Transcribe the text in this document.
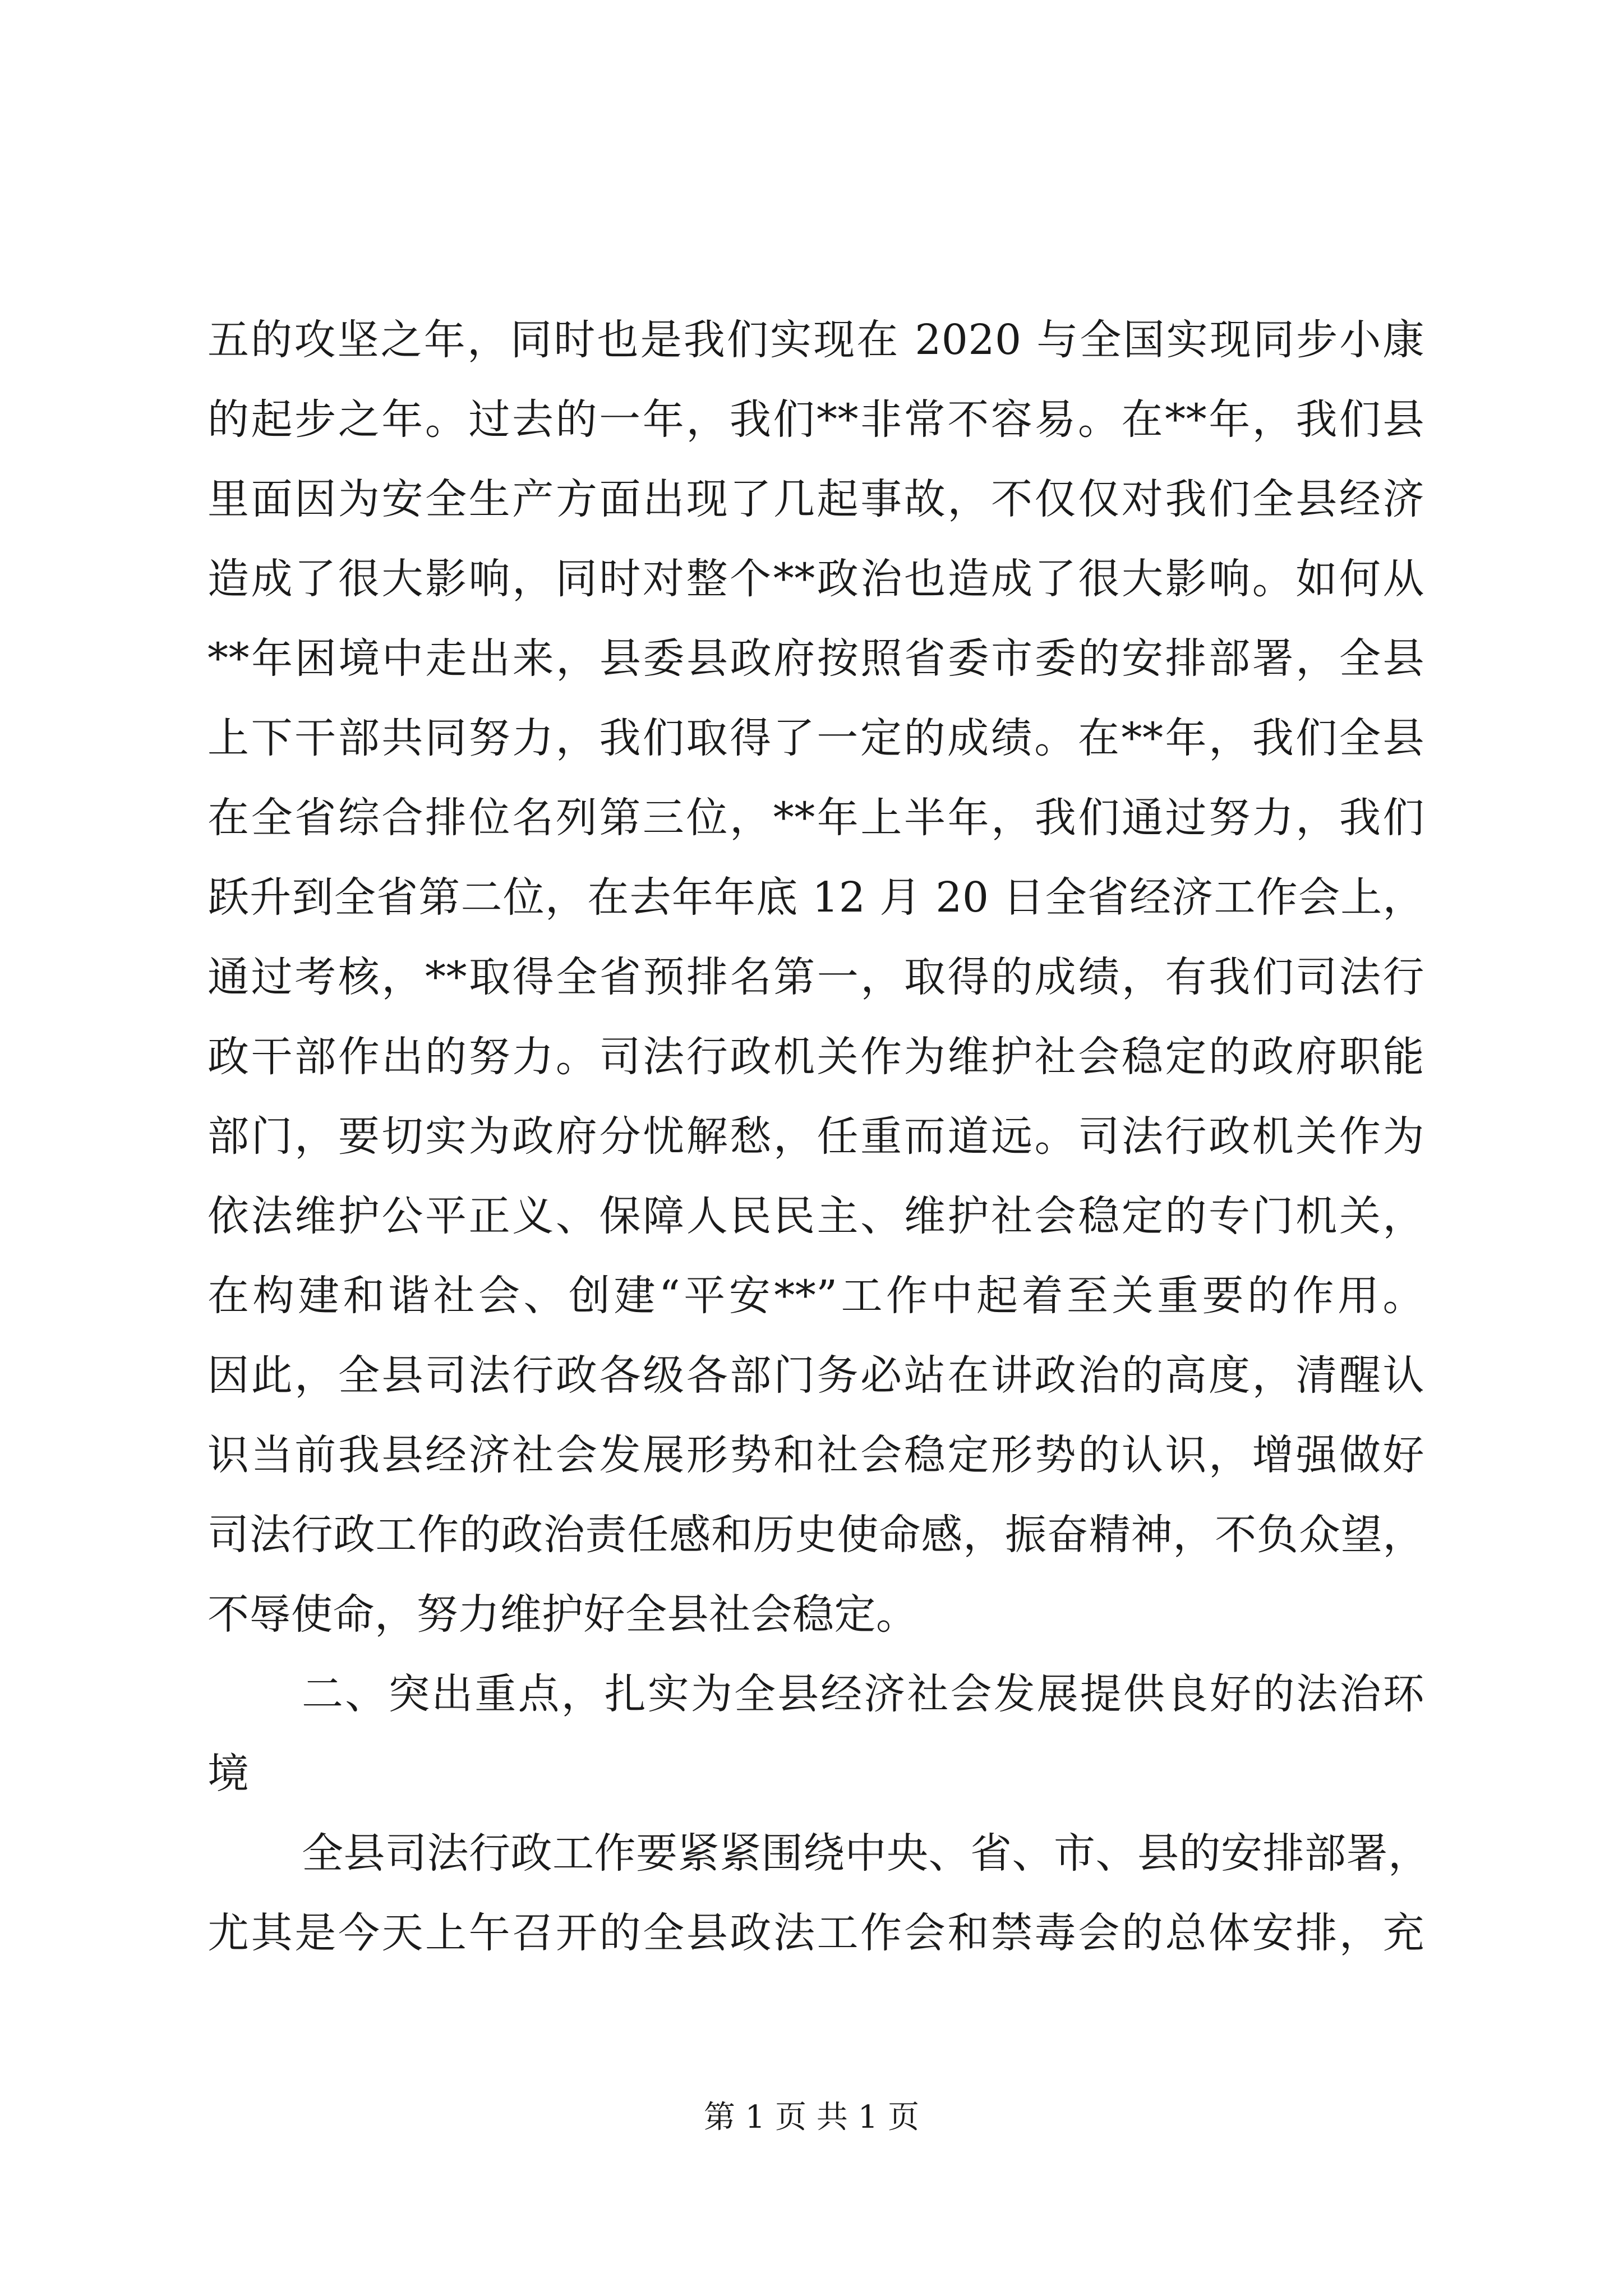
五的攻坚之年，同时也是我们实现在 2020 与全国实现同步小康
的起步之年。过去的一年，我们**非常不容易。在**年，我们县
里面因为安全生产方面出现了几起事故，不仅仅对我们全县经济
造成了很大影响，同时对整个**政治也造成了很大影响。如何从
**年困境中走出来，县委县政府按照省委市委的安排部署，全县
上下干部共同努力，我们取得了一定的成绩。在**年，我们全县
在全省综合排位名列第三位，**年上半年，我们通过努力，我们
跃升到全省第二位，在去年年底 12 月 20 日全省经济工作会上，
通过考核，**取得全省预排名第一，取得的成绩，有我们司法行
政干部作出的努力。司法行政机关作为维护社会稳定的政府职能
部门，要切实为政府分忧解愁，任重而道远。司法行政机关作为
依法维护公平正义、保障人民民主、维护社会稳定的专门机关，
在构建和谐社会、创建“平安**”工作中起着至关重要的作用。
因此，全县司法行政各级各部门务必站在讲政治的高度，清醒认
识当前我县经济社会发展形势和社会稳定形势的认识，增强做好
司法行政工作的政治责任感和历史使命感，振奋精神，不负众望，
不辱使命，努力维护好全县社会稳定。
二、突出重点，扎实为全县经济社会发展提供良好的法治环
境
全县司法行政工作要紧紧围绕中央、省、市、县的安排部署，
尤其是今天上午召开的全县政法工作会和禁毒会的总体安排，充
第 1 页 共 1 页
